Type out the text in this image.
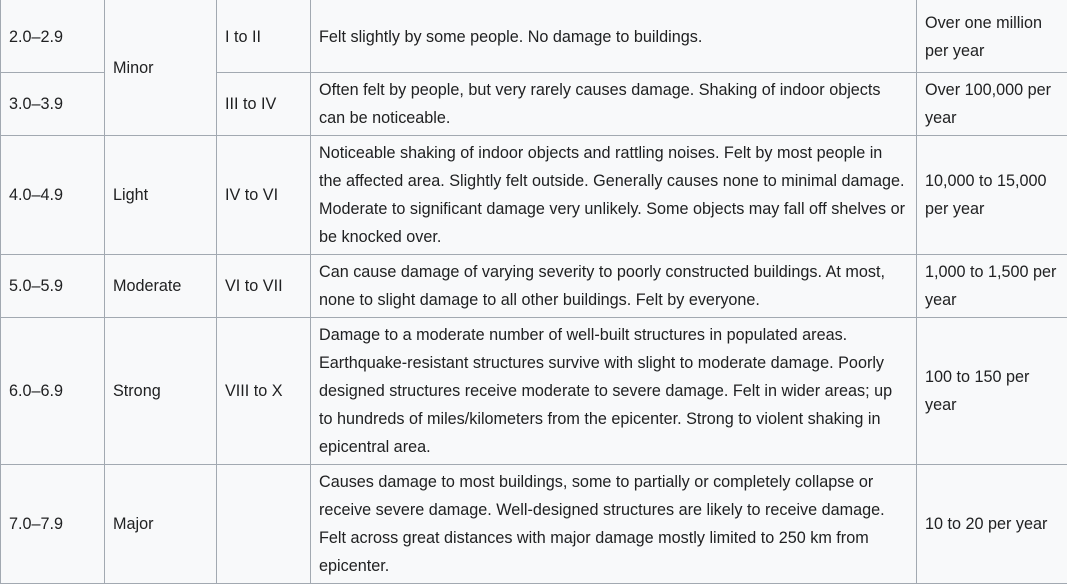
2.0–2.9	Minor	I to II	Felt slightly by some people. No damage to buildings.	Over one million per year
3.0–3.9		III to IV	Often felt by people, but very rarely causes damage. Shaking of indoor objects can be noticeable.	Over 100,000 per year
4.0–4.9	Light	IV to VI	Noticeable shaking of indoor objects and rattling noises. Felt by most people in the affected area. Slightly felt outside. Generally causes none to minimal damage. Moderate to significant damage very unlikely. Some objects may fall off shelves or be knocked over.	10,000 to 15,000 per year
5.0–5.9	Moderate	VI to VII	Can cause damage of varying severity to poorly constructed buildings. At most, none to slight damage to all other buildings. Felt by everyone.	1,000 to 1,500 per year
6.0–6.9	Strong	VIII to X	Damage to a moderate number of well-built structures in populated areas. Earthquake-resistant structures survive with slight to moderate damage. Poorly designed structures receive moderate to severe damage. Felt in wider areas; up to hundreds of miles/kilometers from the epicenter. Strong to violent shaking in epicentral area.	100 to 150 per year
7.0–7.9	Major		Causes damage to most buildings, some to partially or completely collapse or receive severe damage. Well-designed structures are likely to receive damage. Felt across great distances with major damage mostly limited to 250 km from epicenter.	10 to 20 per year
